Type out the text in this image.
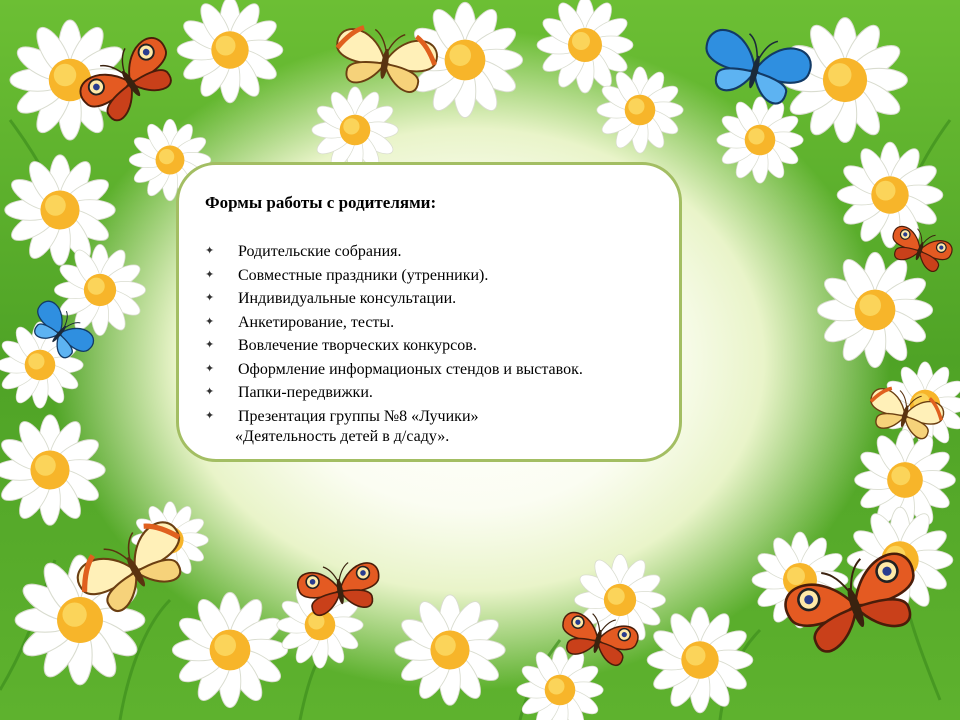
Формы работы с родителями:
✦	Родительские собрания.
✦	Совместные праздники (утренники).
✦	Индивидуальные консультации.
✦	Анкетирование, тесты.
✦	Вовлечение творческих конкурсов.
✦	Оформление информационых стендов и выставок.
✦	Папки-передвижки.
✦	Презентация группы №8 «Лучики»
«Деятельность детей в д/саду».
